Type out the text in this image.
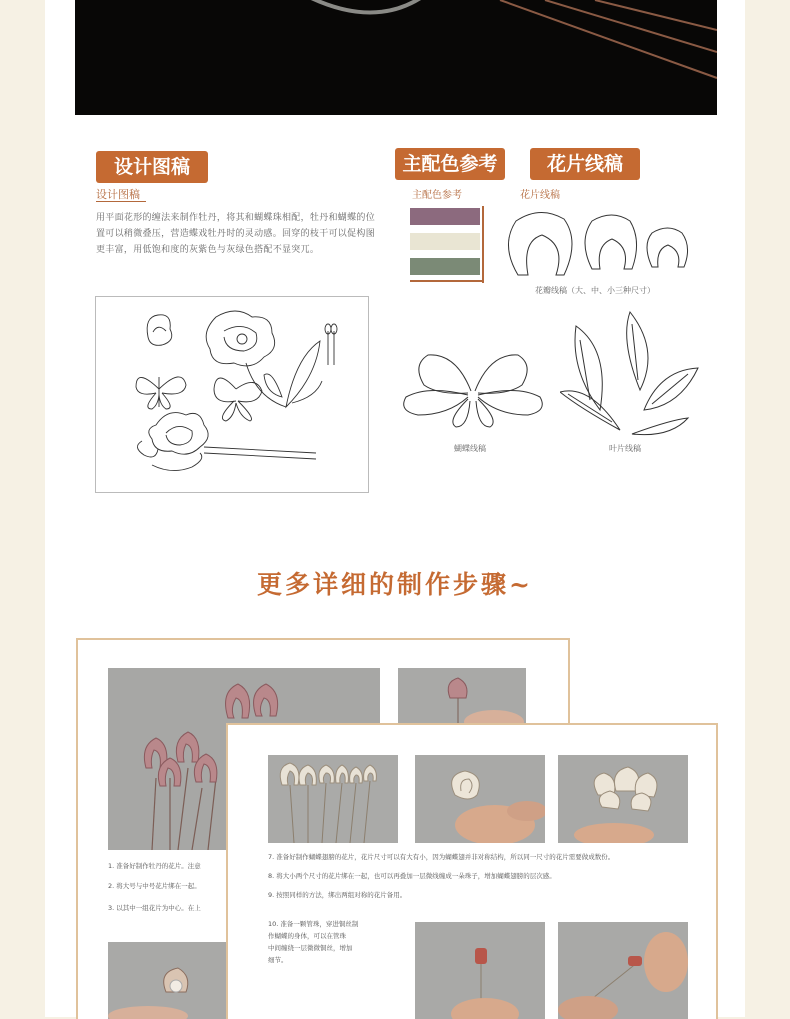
设计图稿
设计图稿
用平面花形的缠法来制作牡丹，将其和蝴蝶珠相配，牡丹和蝴蝶的位置可以稍微叠压，营造蝶戏牡丹时的灵动感。回穿的枝干可以促构图更丰富，用低饱和度的灰紫色与灰绿色搭配不显突兀。
主配色参考
主配色参考
花片线稿
花片线稿
花瓣线稿（大、中、小三种尺寸）
蝴蝶线稿	叶片线稿
更多详细的制作步骤~
1. 准备好制作牡丹的花片。注意
2. 将大号与中号花片绑在一起。
3. 以其中一组花片为中心。在上
7. 准备好制作蝴蝶翅膀的花片，花片尺寸可以有大有小，因为蝴蝶翅并非对称结构，所以同一尺寸的花片需要做成数份。
8. 将大小两个尺寸的花片绑在一起，也可以再叠加一层微线缠成一朵珠子，增加蝴蝶翅膀的层次感。
9. 按照同样的方法，绑出两组对称的花片备用。
10. 准备一颗管珠，穿进铜丝制
作蝴蝶的身体，可以在管珠
中间缠绕一层微微铜丝，增加
细节。
